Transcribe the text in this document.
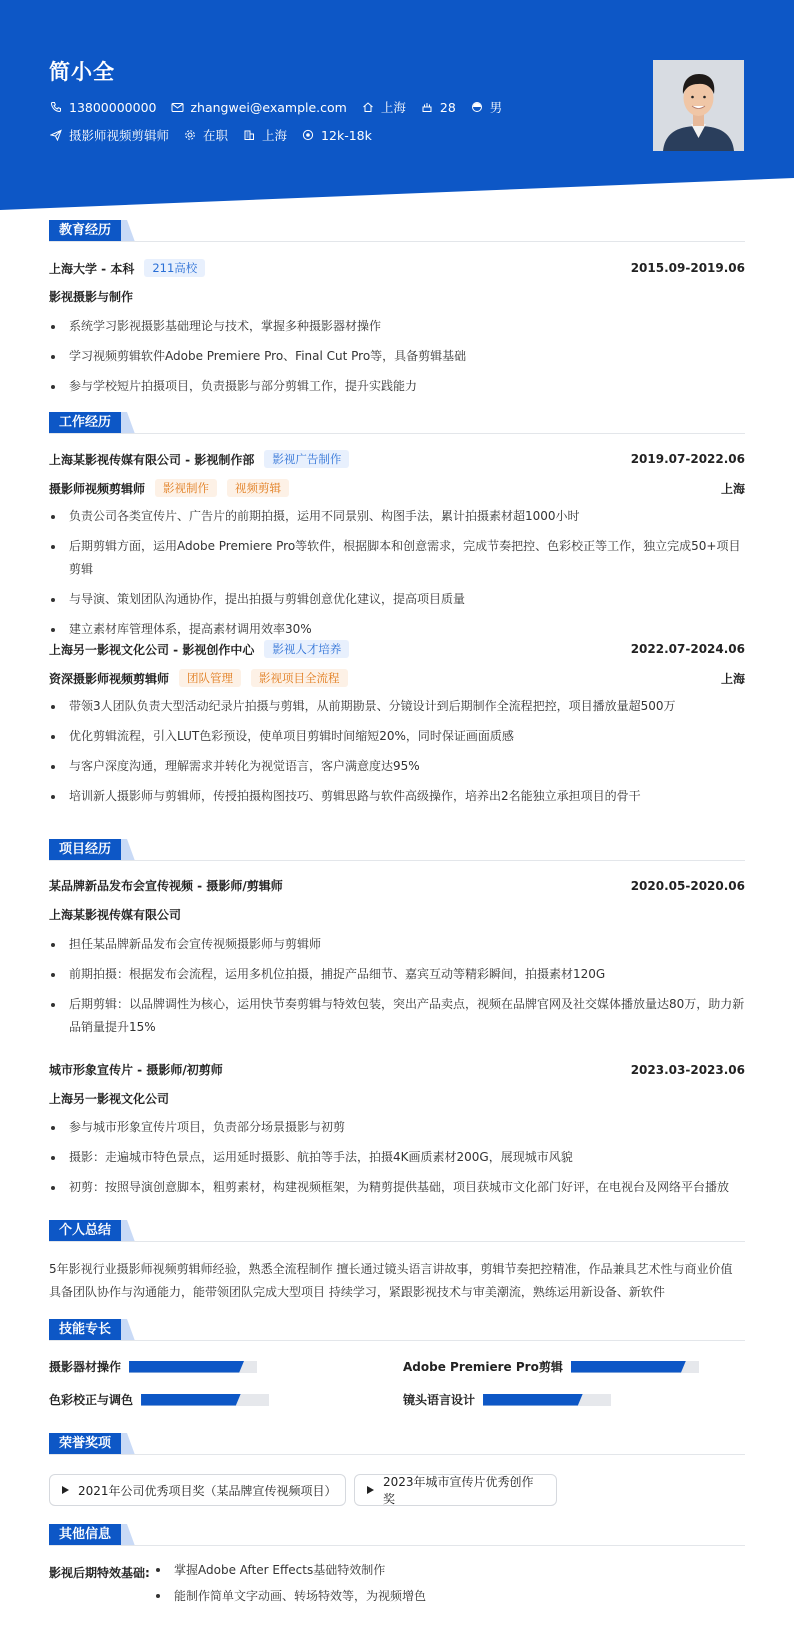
简小全
13800000000	zhangwei@example.com	上海	28	男
摄影师视频剪辑师	在职	上海	12k-18k
教育经历
上海大学 - 本科	211高校	2015.09-2019.06
影视摄影与制作
系统学习影视摄影基础理论与技术，掌握多种摄影器材操作
学习视频剪辑软件Adobe Premiere Pro、Final Cut Pro等，具备剪辑基础
参与学校短片拍摄项目，负责摄影与部分剪辑工作，提升实践能力
工作经历
上海某影视传媒有限公司 - 影视制作部	影视广告制作	2019.07-2022.06
摄影师视频剪辑师	影视制作	视频剪辑	上海
负责公司各类宣传片、广告片的前期拍摄，运用不同景别、构图手法，累计拍摄素材超1000小时
后期剪辑方面，运用Adobe Premiere Pro等软件，根据脚本和创意需求，完成节奏把控、色彩校正等工作，独立完成50+项目剪辑
与导演、策划团队沟通协作，提出拍摄与剪辑创意优化建议，提高项目质量
建立素材库管理体系，提高素材调用效率30%
上海另一影视文化公司 - 影视创作中心	影视人才培养	2022.07-2024.06
资深摄影师视频剪辑师	团队管理	影视项目全流程	上海
带领3人团队负责大型活动纪录片拍摄与剪辑，从前期勘景、分镜设计到后期制作全流程把控，项目播放量超500万
优化剪辑流程，引入LUT色彩预设，使单项目剪辑时间缩短20%，同时保证画面质感
与客户深度沟通，理解需求并转化为视觉语言，客户满意度达95%
培训新人摄影师与剪辑师，传授拍摄构图技巧、剪辑思路与软件高级操作，培养出2名能独立承担项目的骨干
项目经历
某品牌新品发布会宣传视频 - 摄影师/剪辑师	2020.05-2020.06
上海某影视传媒有限公司
担任某品牌新品发布会宣传视频摄影师与剪辑师
前期拍摄：根据发布会流程，运用多机位拍摄，捕捉产品细节、嘉宾互动等精彩瞬间，拍摄素材120G
后期剪辑：以品牌调性为核心，运用快节奏剪辑与特效包装，突出产品卖点，视频在品牌官网及社交媒体播放量达80万，助力新品销量提升15%
城市形象宣传片 - 摄影师/初剪师	2023.03-2023.06
上海另一影视文化公司
参与城市形象宣传片项目，负责部分场景摄影与初剪
摄影：走遍城市特色景点，运用延时摄影、航拍等手法，拍摄4K画质素材200G，展现城市风貌
初剪：按照导演创意脚本，粗剪素材，构建视频框架，为精剪提供基础，项目获城市文化部门好评，在电视台及网络平台播放
个人总结
5年影视行业摄影师视频剪辑师经验，熟悉全流程制作 擅长通过镜头语言讲故事，剪辑节奏把控精准，作品兼具艺术性与商业价值
具备团队协作与沟通能力，能带领团队完成大型项目 持续学习，紧跟影视技术与审美潮流，熟练运用新设备、新软件
技能专长
摄影器材操作	Adobe Premiere Pro剪辑
色彩校正与调色	镜头语言设计
荣誉奖项
2021年公司优秀项目奖（某品牌宣传视频项目）
2023年城市宣传片优秀创作奖
其他信息
影视后期特效基础:	掌握Adobe After Effects基础特效制作
能制作简单文字动画、转场特效等，为视频增色
